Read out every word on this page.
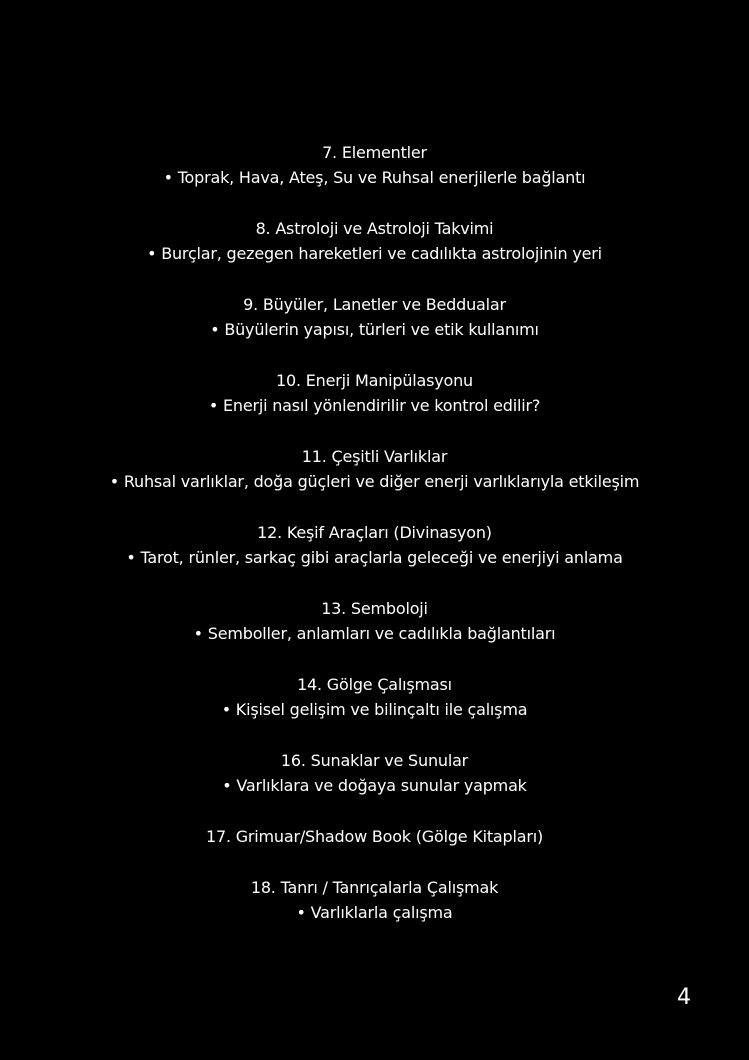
7. Elementler
• Toprak, Hava, Ateş, Su ve Ruhsal enerjilerle bağlantı
8. Astroloji ve Astroloji Takvimi
• Burçlar, gezegen hareketleri ve cadılıkta astrolojinin yeri
9. Büyüler, Lanetler ve Beddualar
• Büyülerin yapısı, türleri ve etik kullanımı
10. Enerji Manipülasyonu
• Enerji nasıl yönlendirilir ve kontrol edilir?
11. Çeşitli Varlıklar
• Ruhsal varlıklar, doğa güçleri ve diğer enerji varlıklarıyla etkileşim
12. Keşif Araçları (Divinasyon)
• Tarot, rünler, sarkaç gibi araçlarla geleceği ve enerjiyi anlama
13. Semboloji
• Semboller, anlamları ve cadılıkla bağlantıları
14. Gölge Çalışması
• Kişisel gelişim ve bilinçaltı ile çalışma
16. Sunaklar ve Sunular
• Varlıklara ve doğaya sunular yapmak
17. Grimuar/Shadow Book (Gölge Kitapları)
18. Tanrı / Tanrıçalarla Çalışmak
• Varlıklarla çalışma
4
